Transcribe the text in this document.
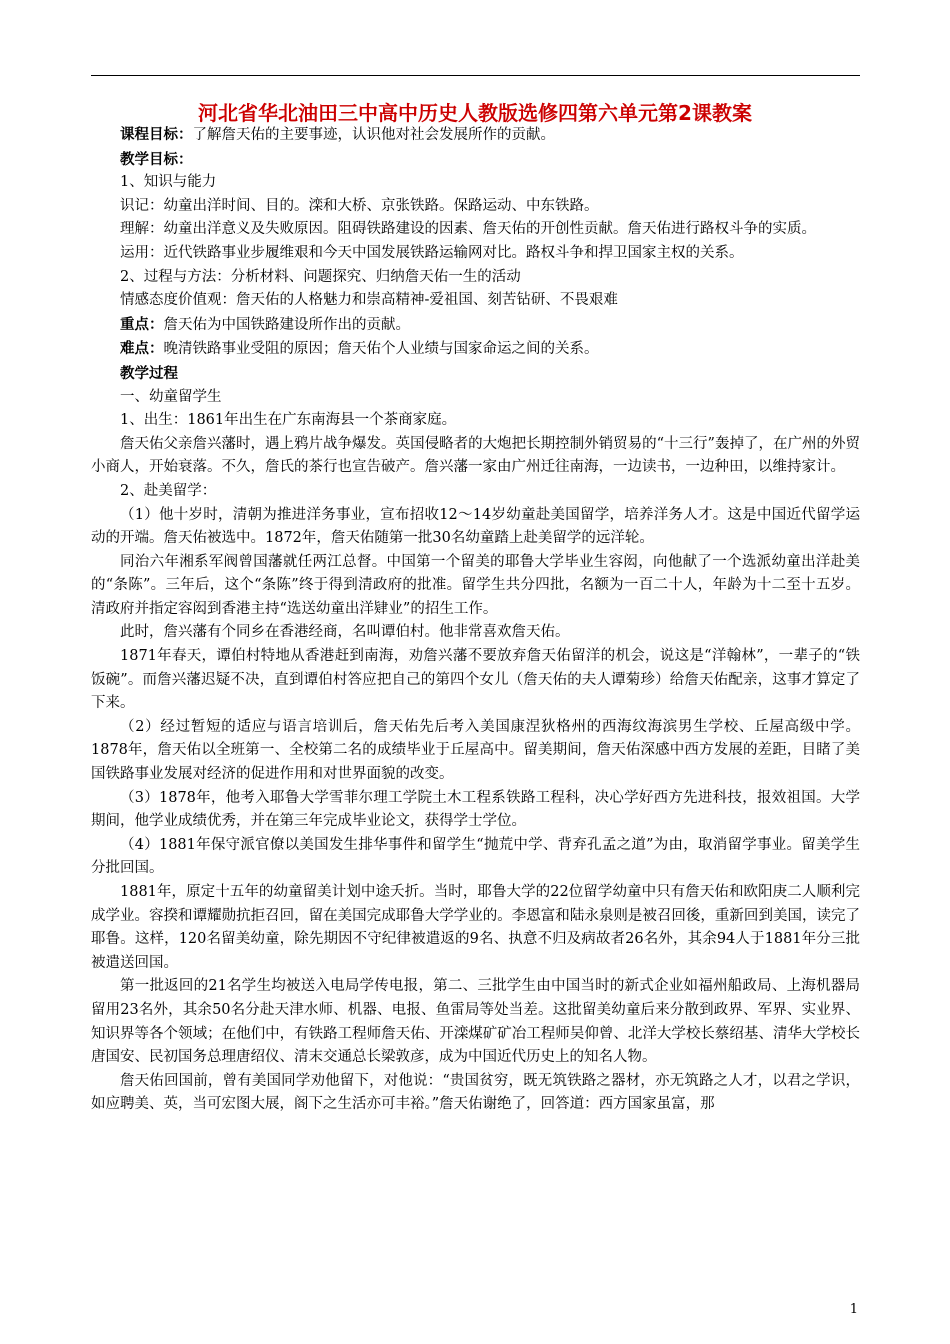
河北省华北油田三中高中历史人教版选修四第六单元第2课教案

课程目标：了解詹天佑的主要事迹，认识他对社会发展所作的贡献。

教学目标：

1、知识与能力

识记：幼童出洋时间、目的。滦和大桥、京张铁路。保路运动、中东铁路。

理解：幼童出洋意义及失败原因。阻碍铁路建设的因素、詹天佑的开创性贡献。詹天佑进行路权斗争的实质。

运用：近代铁路事业步履维艰和今天中国发展铁路运输网对比。路权斗争和捍卫国家主权的关系。

2、过程与方法：分析材料、问题探究、归纳詹天佑一生的活动

情感态度价值观：詹天佑的人格魅力和崇高精神-爱祖国、刻苦钻研、不畏艰难

重点：詹天佑为中国铁路建设所作出的贡献。

难点：晚清铁路事业受阻的原因；詹天佑个人业绩与国家命运之间的关系。

教学过程

一、幼童留学生

1、出生：1861年出生在广东南海县一个茶商家庭。

詹天佑父亲詹兴藩时，遇上鸦片战争爆发。英国侵略者的大炮把长期控制外销贸易的“十三行”轰掉了，在广州的外贸小商人，开始衰落。不久，詹氏的茶行也宣告破产。詹兴藩一家由广州迁往南海，一边读书，一边种田，以维持家计。

2、赴美留学：

（1）他十岁时，清朝为推进洋务事业，宣布招收12～14岁幼童赴美国留学，培养洋务人才。这是中国近代留学运动的开端。詹天佑被选中。1872年，詹天佑随第一批30名幼童踏上赴美留学的远洋轮。

同治六年湘系军阀曾国藩就任两江总督。中国第一个留美的耶鲁大学毕业生容闳，向他献了一个选派幼童出洋赴美的“条陈”。三年后，这个“条陈”终于得到清政府的批准。留学生共分四批，名额为一百二十人，年龄为十二至十五岁。清政府并指定容闳到香港主持“选送幼童出洋肄业”的招生工作。

此时，詹兴藩有个同乡在香港经商，名叫谭伯村。他非常喜欢詹天佑。

1871年春天，谭伯村特地从香港赶到南海，劝詹兴藩不要放弃詹天佑留洋的机会，说这是“洋翰林”，一辈子的“铁饭碗”。而詹兴藩迟疑不决，直到谭伯村答应把自己的第四个女儿（詹天佑的夫人谭菊珍）给詹天佑配亲，这事才算定了下来。

（2）经过暂短的适应与语言培训后，詹天佑先后考入美国康涅狄格州的西海纹海滨男生学校、丘屋高级中学。1878年，詹天佑以全班第一、全校第二名的成绩毕业于丘屋高中。留美期间，詹天佑深感中西方发展的差距，目睹了美国铁路事业发展对经济的促进作用和对世界面貌的改变。

（3）1878年，他考入耶鲁大学雪菲尔理工学院土木工程系铁路工程科，决心学好西方先进科技，报效祖国。大学期间，他学业成绩优秀，并在第三年完成毕业论文，获得学士学位。

（4）1881年保守派官僚以美国发生排华事件和留学生“抛荒中学、背弃孔孟之道”为由，取消留学事业。留美学生分批回国。

1881年，原定十五年的幼童留美计划中途夭折。当时，耶鲁大学的22位留学幼童中只有詹天佑和欧阳庚二人顺利完成学业。容揆和谭耀勋抗拒召回，留在美国完成耶鲁大学学业的。李恩富和陆永泉则是被召回後，重新回到美国，读完了耶鲁。这样，120名留美幼童，除先期因不守纪律被遣返的9名、执意不归及病故者26名外，其余94人于1881年分三批被遣送回国。

第一批返回的21名学生均被送入电局学传电报，第二、三批学生由中国当时的新式企业如福州船政局、上海机器局留用23名外，其余50名分赴天津水师、机器、电报、鱼雷局等处当差。这批留美幼童后来分散到政界、军界、实业界、知识界等各个领域；在他们中，有铁路工程师詹天佑、开滦煤矿矿冶工程师吴仰曾、北洋大学校长蔡绍基、清华大学校长唐国安、民初国务总理唐绍仪、清末交通总长梁敦彦，成为中国近代历史上的知名人物。

詹天佑回国前，曾有美国同学劝他留下，对他说：“贵国贫穷，既无筑铁路之器材，亦无筑路之人才，以君之学识，如应聘美、英，当可宏图大展，阁下之生活亦可丰裕。”詹天佑谢绝了，回答道：西方国家虽富，那

1
